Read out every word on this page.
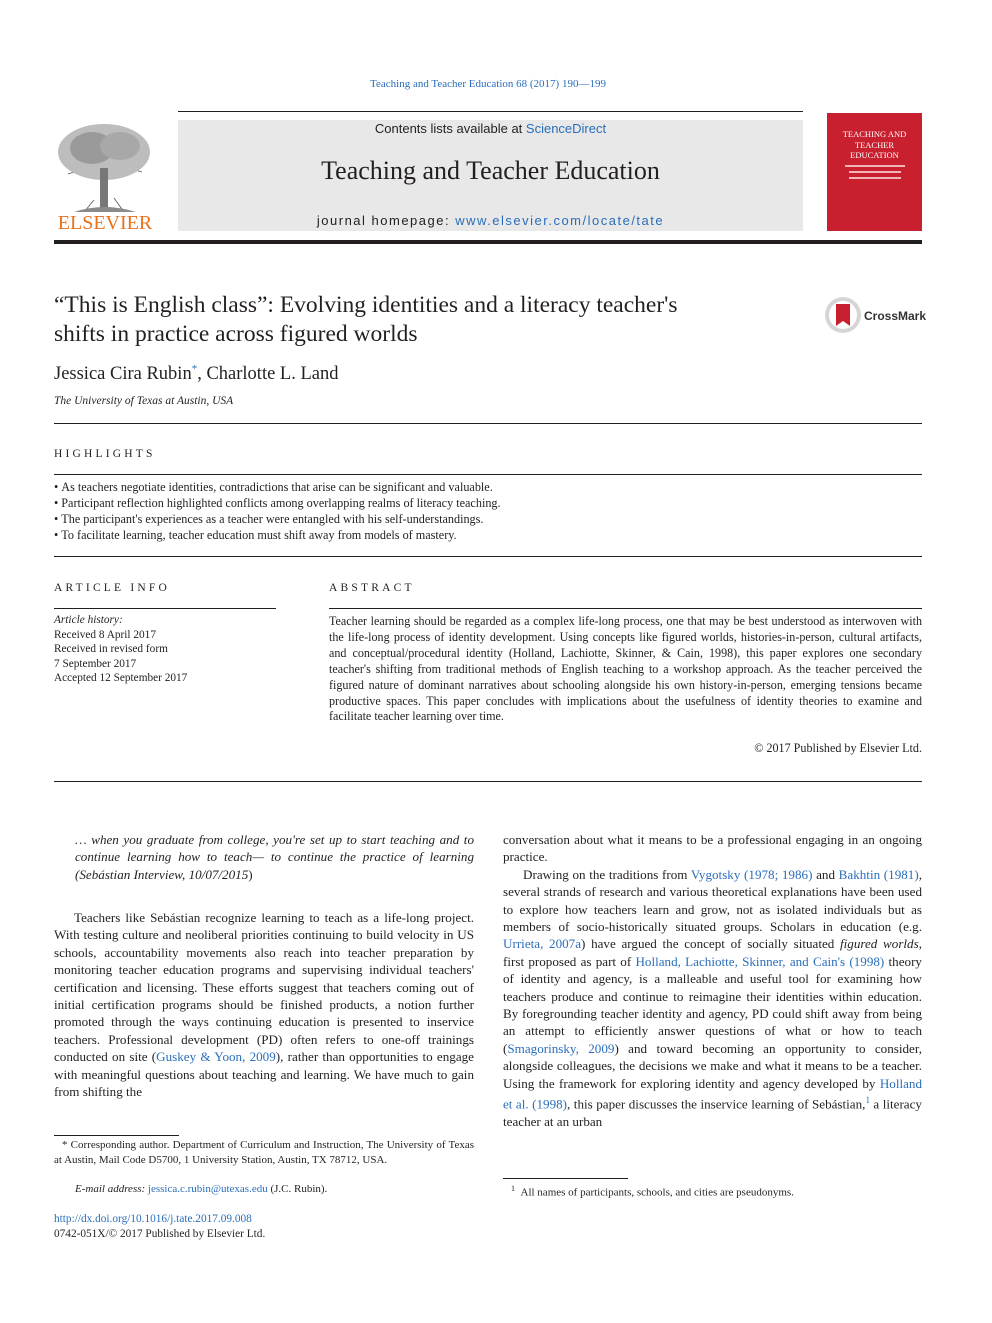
Teaching and Teacher Education 68 (2017) 190—199
ELSEVIER
Contents lists available at ScienceDirect
Teaching and Teacher Education
journal homepage: www.elsevier.com/locate/tate
TEACHING AND TEACHER EDUCATION
“This is English class”: Evolving identities and a literacy teacher's
shifts in practice across figured worlds
CrossMark
Jessica Cira Rubin*, Charlotte L. Land
The University of Texas at Austin, USA
HIGHLIGHTS
• As teachers negotiate identities, contradictions that arise can be significant and valuable.
• Participant reflection highlighted conflicts among overlapping realms of literacy teaching.
• The participant's experiences as a teacher were entangled with his self-understandings.
• To facilitate learning, teacher education must shift away from models of mastery.
ARTICLE INFO
Article history:
Received 8 April 2017
Received in revised form
7 September 2017
Accepted 12 September 2017
ABSTRACT

Teacher learning should be regarded as a complex life-long process, one that may be best understood as interwoven with the life-long process of identity development. Using concepts like figured worlds, histories-in-person, cultural artifacts, and conceptual/procedural identity (Holland, Lachiotte, Skinner, & Cain, 1998), this paper explores one secondary teacher's shifting from traditional methods of English teaching to a workshop approach. As the teacher perceived the figured nature of dominant narratives about schooling alongside his own history-in-person, emerging tensions became productive spaces. This paper concludes with implications about the usefulness of identity theories to examine and facilitate teacher learning over time.

© 2017 Published by Elsevier Ltd.

… when you graduate from college, you're set up to start teaching and to continue learning how to teach— to continue the practice of learning (Sebástian Interview, 10/07/2015)

Teachers like Sebástian recognize learning to teach as a life-long project. With testing culture and neoliberal priorities continuing to build velocity in US schools, accountability movements also reach into teacher preparation by monitoring teacher education programs and supervising individual teachers' certification and licensing. These efforts suggest that teachers coming out of initial certification programs should be finished products, a notion further promoted through the ways continuing education is presented to inservice teachers. Professional development (PD) often refers to one-off trainings conducted on site (Guskey & Yoon, 2009), rather than opportunities to engage with meaningful questions about teaching and learning. We have much to gain from shifting the

* Corresponding author. Department of Curriculum and Instruction, The University of Texas at Austin, Mail Code D5700, 1 University Station, Austin, TX 78712, USA.
E-mail address: jessica.c.rubin@utexas.edu (J.C. Rubin).

conversation about what it means to be a professional engaging in an ongoing practice.

Drawing on the traditions from Vygotsky (1978; 1986) and Bakhtin (1981), several strands of research and various theoretical explanations have been used to explore how teachers learn and grow, not as isolated individuals but as members of socio-historically situated groups. Scholars in education (e.g. Urrieta, 2007a) have argued the concept of socially situated figured worlds, first proposed as part of Holland, Lachiotte, Skinner, and Cain's (1998) theory of identity and agency, is a malleable and useful tool for examining how teachers produce and continue to reimagine their identities within education. By foregrounding teacher identity and agency, PD could shift away from being an attempt to efficiently answer questions of what or how to teach (Smagorinsky, 2009) and toward becoming an opportunity to consider, alongside colleagues, the decisions we make and what it means to be a teacher. Using the framework for exploring identity and agency developed by Holland et al. (1998), this paper discusses the inservice learning of Sebástian,$^1$ a literacy teacher at an urban

$^1$ All names of participants, schools, and cities are pseudonyms.
http://dx.doi.org/10.1016/j.tate.2017.09.008
0742-051X/© 2017 Published by Elsevier Ltd.
